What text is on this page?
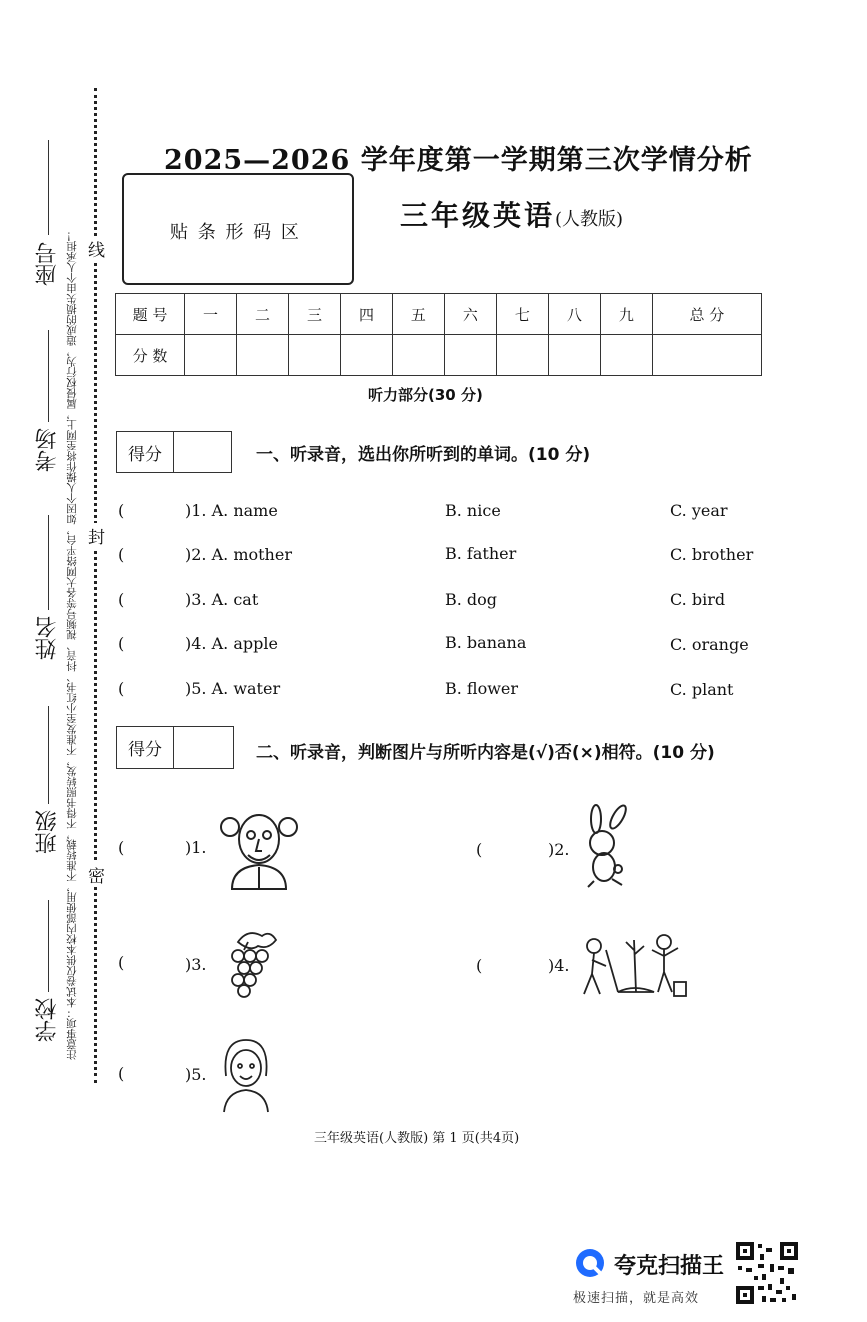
线
封
密
注意事项：本试卷仅供本校内部使用，不准转载，不得书照转发，不准发至小红书、抖音、视频号等各大网络平台，如因个人操作将至网上，属侵权行为，造成的损失由个人承担！
座号
考场
姓名
班级
学校
2025—2026 学年度第一学期第三次学情分析
贴 条 形 码 区
三年级英语(人教版)
题 号	一	二	三	四	五	六	七	八	九	总 分
分 数										
听力部分(30 分)
得分	一、听录音，选出你所听到的单词。(10 分)
(	)1. A. name	B. nice	C. year
(	)2. A. mother	B. father	C. brother
(	)3. A. cat	B. dog	C. bird
(	)4. A. apple	B. banana	C. orange
(	)5. A. water	B. flower	C. plant
得分	二、听录音，判断图片与所听内容是(√)否(×)相符。(10 分)
(	)1.	(	)2.
(	)3.	(	)4.
(	)5.
三年级英语(人教版) 第 1 页(共4页)
夸克扫描王
极速扫描，就是高效
